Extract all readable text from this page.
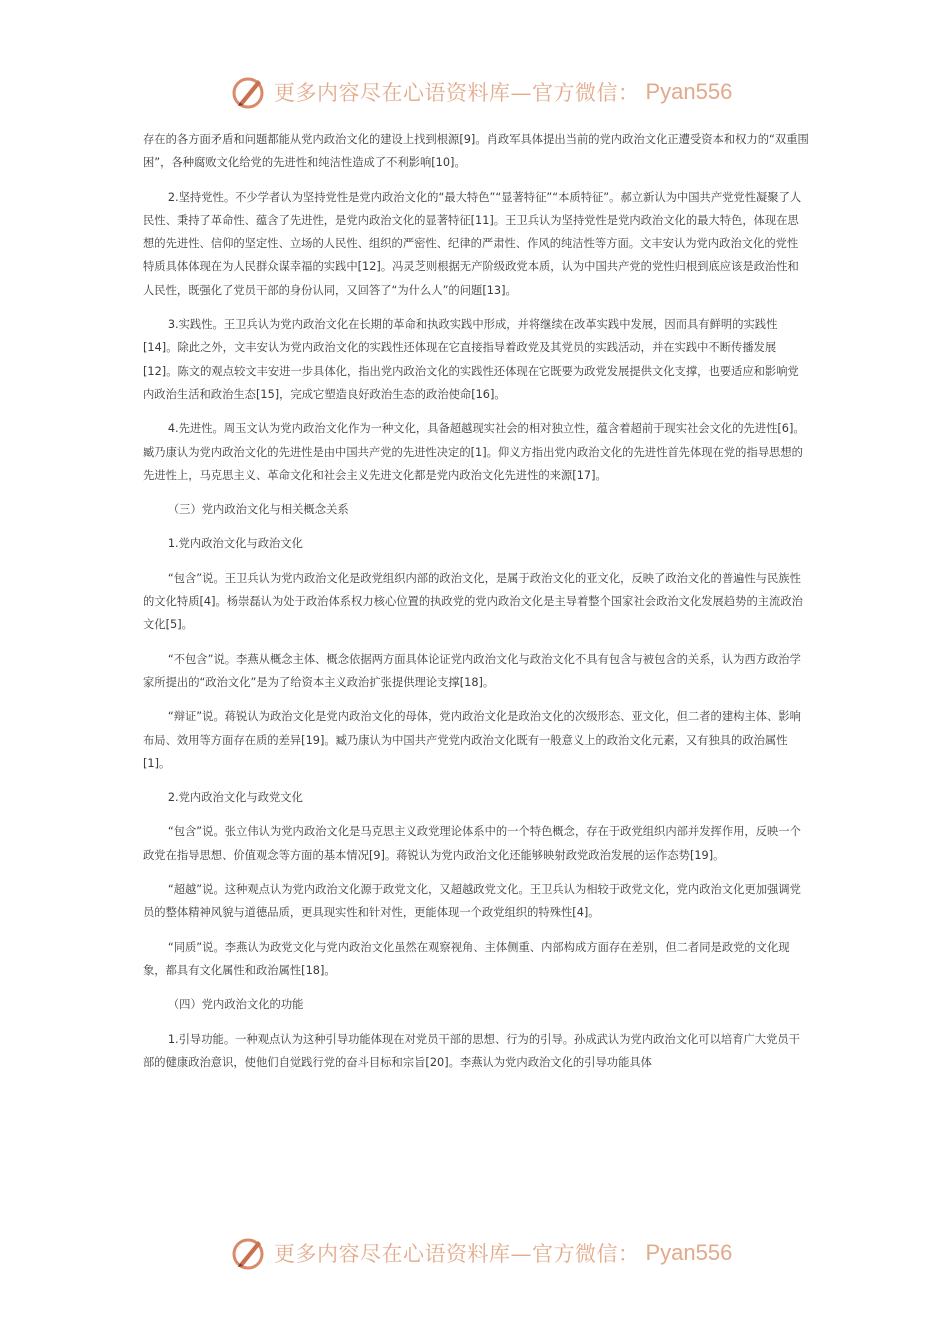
更多内容尽在心语资料库—官方微信： Pyan556

存在的各方面矛盾和问题都能从党内政治文化的建设上找到根源[9]。肖政军具体提出当前的党内政治文化正遭受资本和权力的“双重围困”，各种腐败文化给党的先进性和纯洁性造成了不利影响[10]。

2.坚持党性。不少学者认为坚持党性是党内政治文化的“最大特色”“显著特征”“本质特征”。郝立新认为中国共产党党性凝聚了人民性、秉持了革命性、蕴含了先进性，是党内政治文化的显著特征[11]。王卫兵认为坚持党性是党内政治文化的最大特色，体现在思想的先进性、信仰的坚定性、立场的人民性、组织的严密性、纪律的严肃性、作风的纯洁性等方面。文丰安认为党内政治文化的党性特质具体体现在为人民群众谋幸福的实践中[12]。冯灵芝则根据无产阶级政党本质，认为中国共产党的党性归根到底应该是政治性和人民性，既强化了党员干部的身份认同，又回答了“为什么人”的问题[13]。

3.实践性。王卫兵认为党内政治文化在长期的革命和执政实践中形成，并将继续在改革实践中发展，因而具有鲜明的实践性[14]。除此之外，文丰安认为党内政治文化的实践性还体现在它直接指导着政党及其党员的实践活动，并在实践中不断传播发展[12]。陈文的观点较文丰安进一步具体化，指出党内政治文化的实践性还体现在它既要为政党发展提供文化支撑，也要适应和影响党内政治生活和政治生态[15]，完成它塑造良好政治生态的政治使命[16]。

4.先进性。周玉文认为党内政治文化作为一种文化，具备超越现实社会的相对独立性，蕴含着超前于现实社会文化的先进性[6]。臧乃康认为党内政治文化的先进性是由中国共产党的先进性决定的[1]。仰义方指出党内政治文化的先进性首先体现在党的指导思想的先进性上，马克思主义、革命文化和社会主义先进文化都是党内政治文化先进性的来源[17]。

（三）党内政治文化与相关概念关系

1.党内政治文化与政治文化

“包含”说。王卫兵认为党内政治文化是政党组织内部的政治文化，是属于政治文化的亚文化，反映了政治文化的普遍性与民族性的文化特质[4]。杨崇磊认为处于政治体系权力核心位置的执政党的党内政治文化是主导着整个国家社会政治文化发展趋势的主流政治文化[5]。

“不包含”说。李燕从概念主体、概念依据两方面具体论证党内政治文化与政治文化不具有包含与被包含的关系，认为西方政治学家所提出的“政治文化”是为了给资本主义政治扩张提供理论支撑[18]。

“辩证”说。蒋锐认为政治文化是党内政治文化的母体，党内政治文化是政治文化的次级形态、亚文化，但二者的建构主体、影响布局、效用等方面存在质的差异[19]。臧乃康认为中国共产党党内政治文化既有一般意义上的政治文化元素，又有独具的政治属性[1]。

2.党内政治文化与政党文化

“包含”说。张立伟认为党内政治文化是马克思主义政党理论体系中的一个特色概念，存在于政党组织内部并发挥作用，反映一个政党在指导思想、价值观念等方面的基本情况[9]。蒋锐认为党内政治文化还能够映射政党政治发展的运作态势[19]。

“超越”说。这种观点认为党内政治文化源于政党文化，又超越政党文化。王卫兵认为相较于政党文化，党内政治文化更加强调党员的整体精神风貌与道德品质，更具现实性和针对性，更能体现一个政党组织的特殊性[4]。

“同质”说。李燕认为政党文化与党内政治文化虽然在观察视角、主体侧重、内部构成方面存在差别，但二者同是政党的文化现象，都具有文化属性和政治属性[18]。

（四）党内政治文化的功能

1.引导功能。一种观点认为这种引导功能体现在对党员干部的思想、行为的引导。孙成武认为党内政治文化可以培育广大党员干部的健康政治意识，使他们自觉践行党的奋斗目标和宗旨[20]。李燕认为党内政治文化的引导功能具体

更多内容尽在心语资料库—官方微信： Pyan556
